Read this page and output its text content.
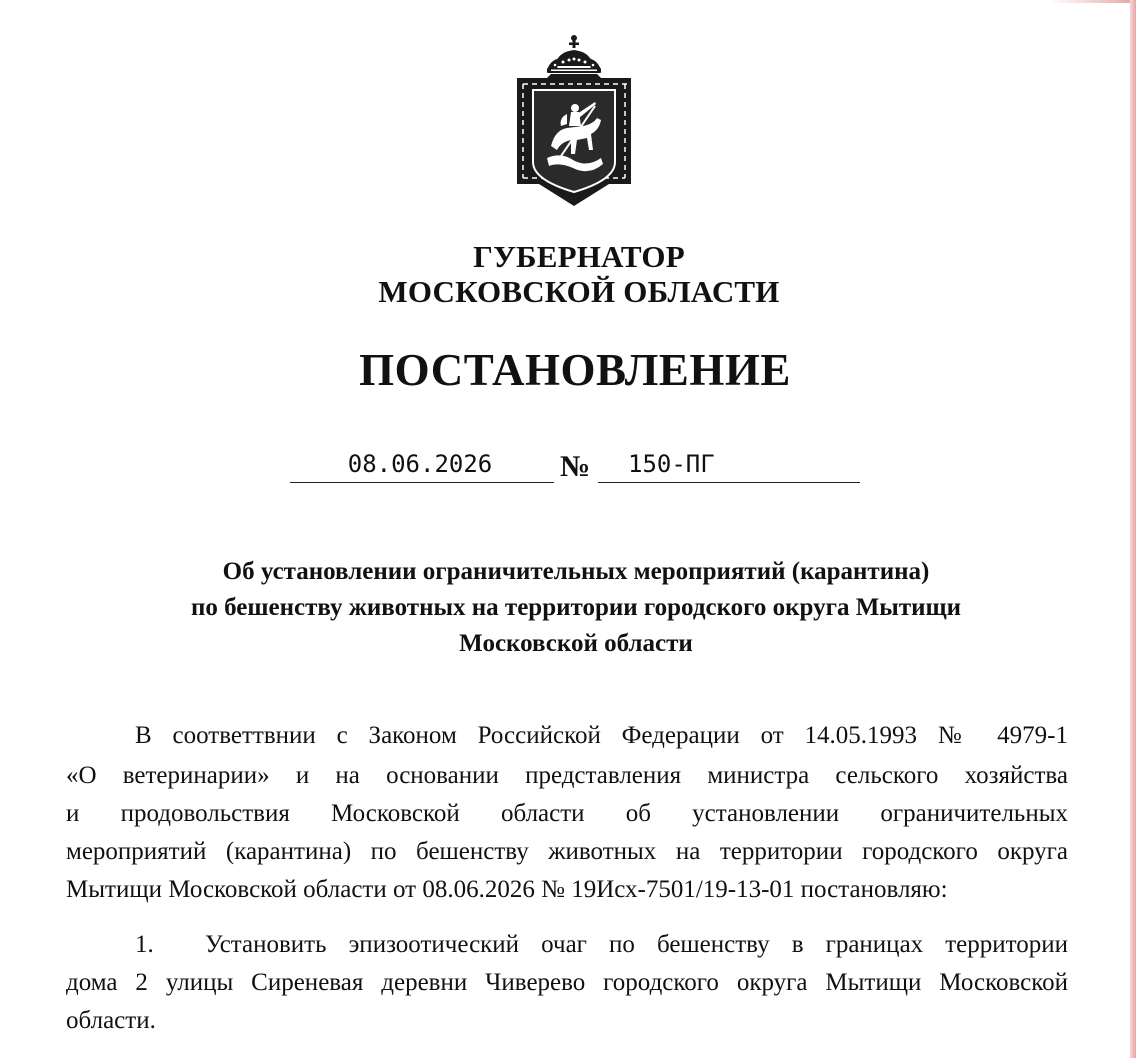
ГУБЕРНАТОР
МОСКОВСКОЙ ОБЛАСТИ
ПОСТАНОВЛЕНИЕ
08.06.2026	№ 150-ПГ
Об установлении ограничительных мероприятий (карантина)
по бешенству животных на территории городского округа Мытищи
Московской области
В соответтвнии с Законом Российской Федерации от 14.05.1993 № 4979-1
«О ветеринарии» и на основании представления министра сельского хозяйства
и продовольствия Московской области об установлении ограничительных
мероприятий (карантина) по бешенству животных на территории городского округа
Мытищи Московской области от 08.06.2026 № 19Исх-7501/19-13-01 постановляю:
1. Установить эпизоотический очаг по бешенству в границах территории
дома 2 улицы Сиреневая деревни Чиверево городского округа Мытищи Московской
области.
